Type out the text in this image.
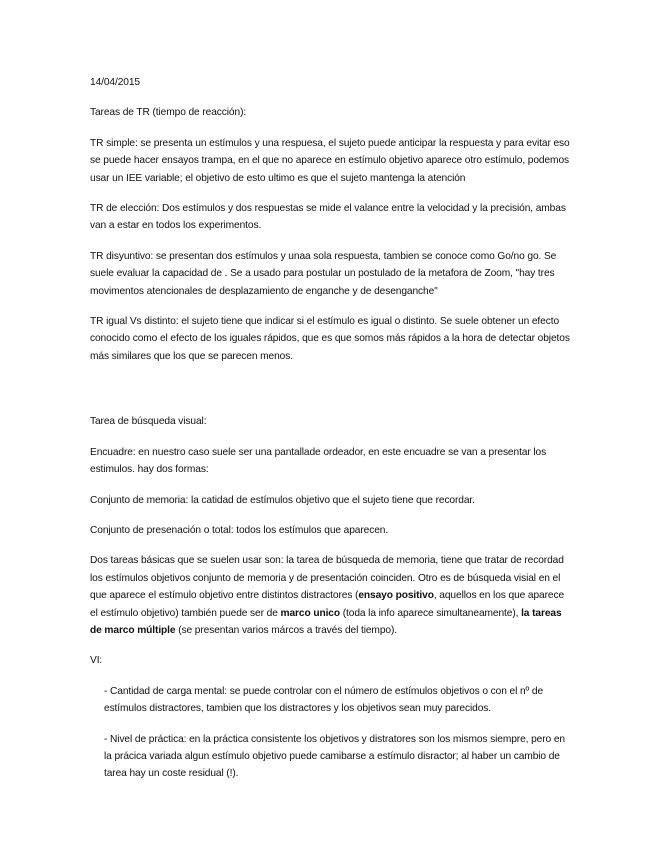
14/04/2015

Tareas de TR (tiempo de reacción):

TR simple: se presenta un estímulos y una respuesa, el sujeto puede anticipar la respuesta y para evitar eso se puede hacer ensayos trampa, en el que no aparece en estímulo objetivo aparece otro estímulo, podemos usar un IEE variable; el objetivo de esto ultimo es que el sujeto mantenga la atención

TR de elección: Dos estímulos y dos respuestas se mide el valance entre la velocidad y la precisión, ambas van a estar en todos los experimentos.

TR disyuntivo: se presentan dos estímulos y unaa sola respuesta, tambien se conoce como Go/no go. Se suele evaluar la capacidad de . Se a usado para postular un postulado de la metafora de Zoom, "hay tres movimentos atencionales de desplazamiento de enganche y de desenganche"

TR igual Vs distinto: el sujeto tiene que indicar si el estímulo es igual o distinto. Se suele obtener un efecto conocido como el efecto de los iguales rápidos, que es que somos más rápidos a la hora de detectar objetos más similares que los que se parecen menos.

Tarea de búsqueda visual:

Encuadre: en nuestro caso suele ser una pantallade ordeador, en este encuadre se van a presentar los estimulos. hay dos formas:

Conjunto de memoria: la catidad de estímulos objetivo que el sujeto tiene que recordar.

Conjunto de presenación o total: todos los estímulos que aparecen.

Dos tareas básicas que se suelen usar son: la tarea de búsqueda de memoria, tiene que tratar de recordad los estímulos objetivos conjunto de memoria y de presentación coinciden. Otro es de búsqueda visial en el que aparece el estímulo objetivo entre distintos distractores (ensayo positivo, aquellos en los que aparece el estímulo objetivo) también puede ser de marco unico (toda la info aparece simultaneamente), la tareas de marco múltiple (se presentan varios márcos a través del tiempo).

VI:

- Cantidad de carga mental: se puede controlar con el número de estímulos objetivos o con el nº de estímulos distractores, tambien que los distractores y los objetivos sean muy parecidos.

- Nivel de práctica: en la práctica consistente los objetivos y distratores son los mismos siempre, pero en la prácica variada algun estímulo objetivo puede camibarse a estímulo disractor; al haber un cambio de tarea hay un coste residual (!).
